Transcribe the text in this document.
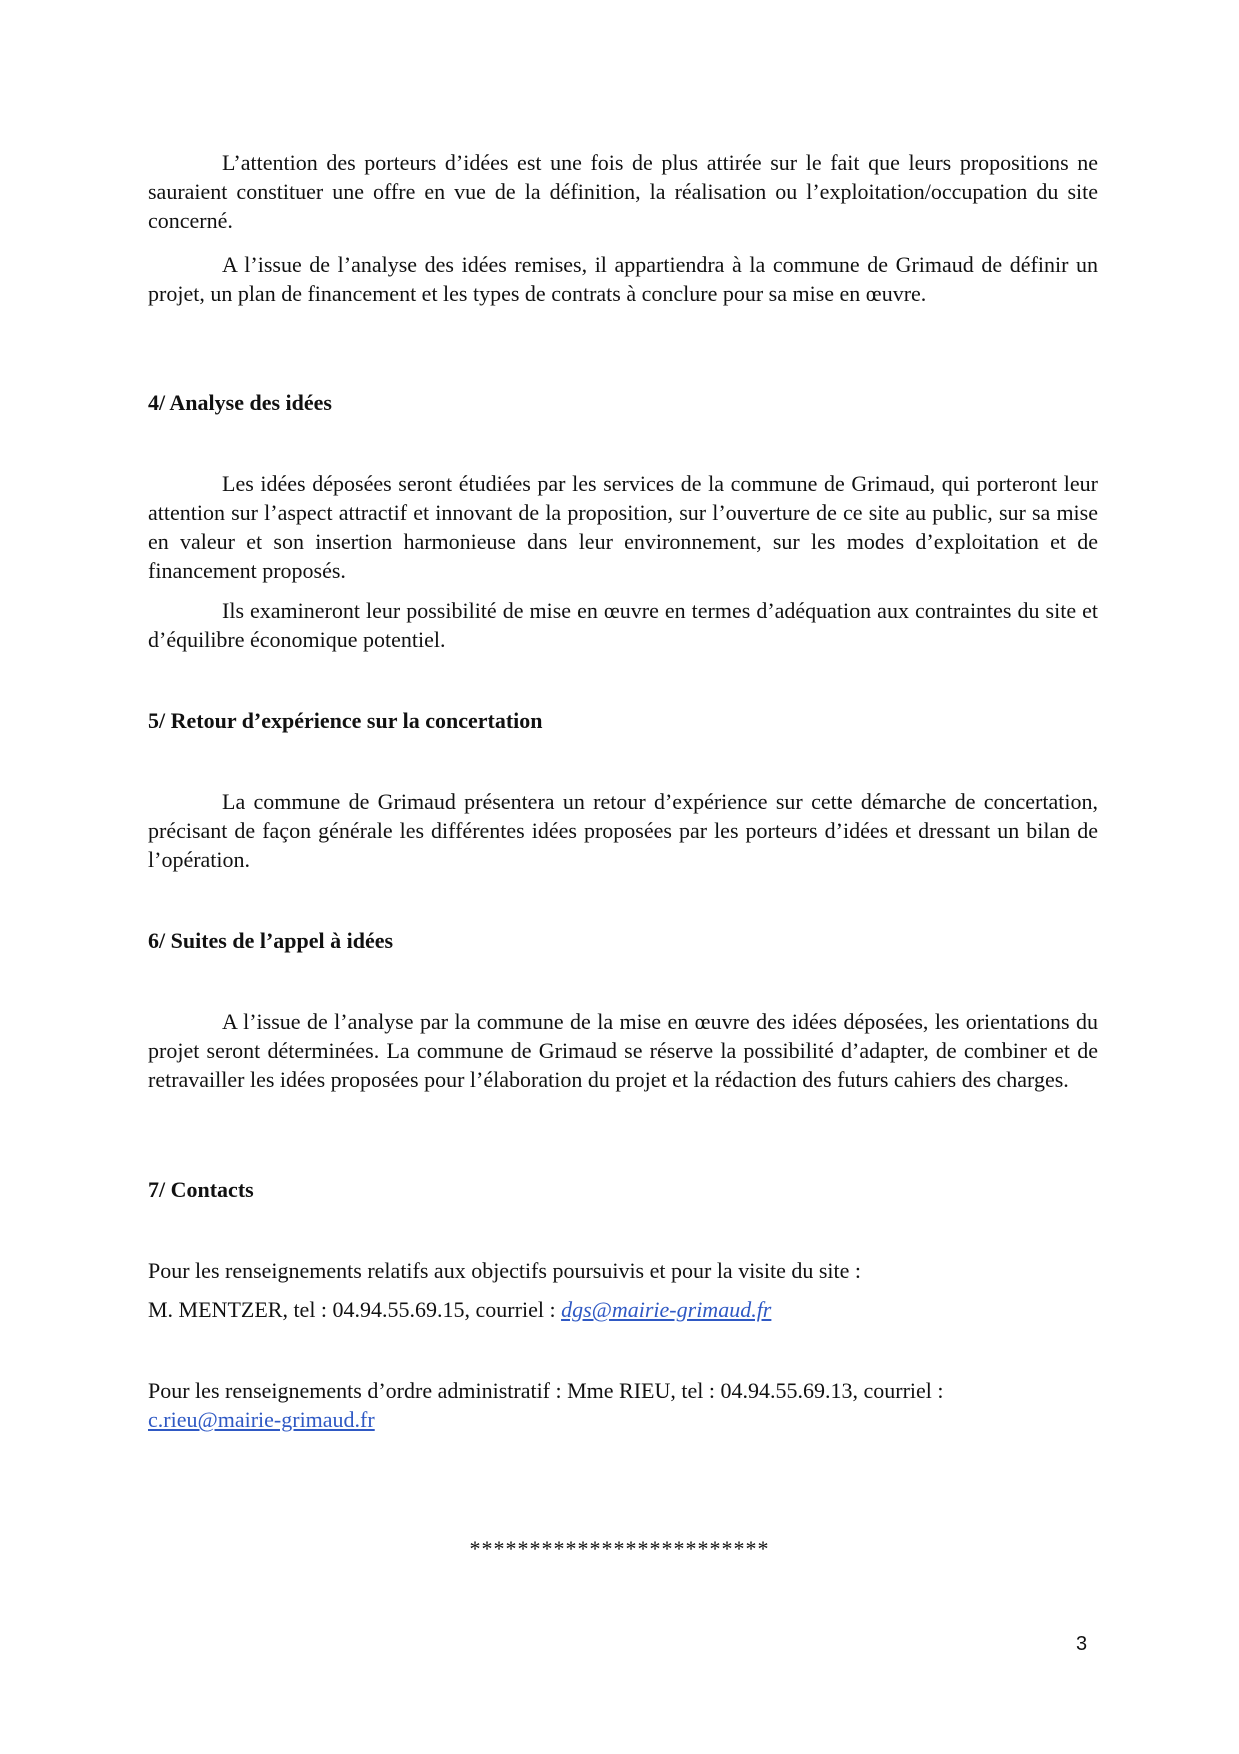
L’attention des porteurs d’idées est une fois de plus attirée sur le fait que leurs propositions ne sauraient constituer une offre en vue de la définition, la réalisation ou l’exploitation/occupation du site concerné.

A l’issue de l’analyse des idées remises, il appartiendra à la commune de Grimaud de définir un projet, un plan de financement et les types de contrats à conclure pour sa mise en œuvre.

4/ Analyse des idées

Les idées déposées seront étudiées par les services de la commune de Grimaud, qui porteront leur attention sur l’aspect attractif et innovant de la proposition, sur l’ouverture de ce site au public, sur sa mise en valeur et son insertion harmonieuse dans leur environnement, sur les modes d’exploitation et de financement proposés.

Ils examineront leur possibilité de mise en œuvre en termes d’adéquation aux contraintes du site et d’équilibre économique potentiel.

5/ Retour d’expérience sur la concertation

La commune de Grimaud présentera un retour d’expérience sur cette démarche de concertation, précisant de façon générale les différentes idées proposées par les porteurs d’idées et dressant un bilan de l’opération.

6/ Suites de l’appel à idées

A l’issue de l’analyse par la commune de la mise en œuvre des idées déposées, les orientations du projet seront déterminées. La commune de Grimaud se réserve la possibilité d’adapter, de combiner et de retravailler les idées proposées pour l’élaboration du projet et la rédaction des futurs cahiers des charges.

7/ Contacts

Pour les renseignements relatifs aux objectifs poursuivis et pour la visite du site :

M. MENTZER, tel : 04.94.55.69.15, courriel : dgs@mairie-grimaud.fr

Pour les renseignements d’ordre administratif : Mme RIEU, tel : 04.94.55.69.13, courriel :

c.rieu@mairie-grimaud.fr

*************************
3
